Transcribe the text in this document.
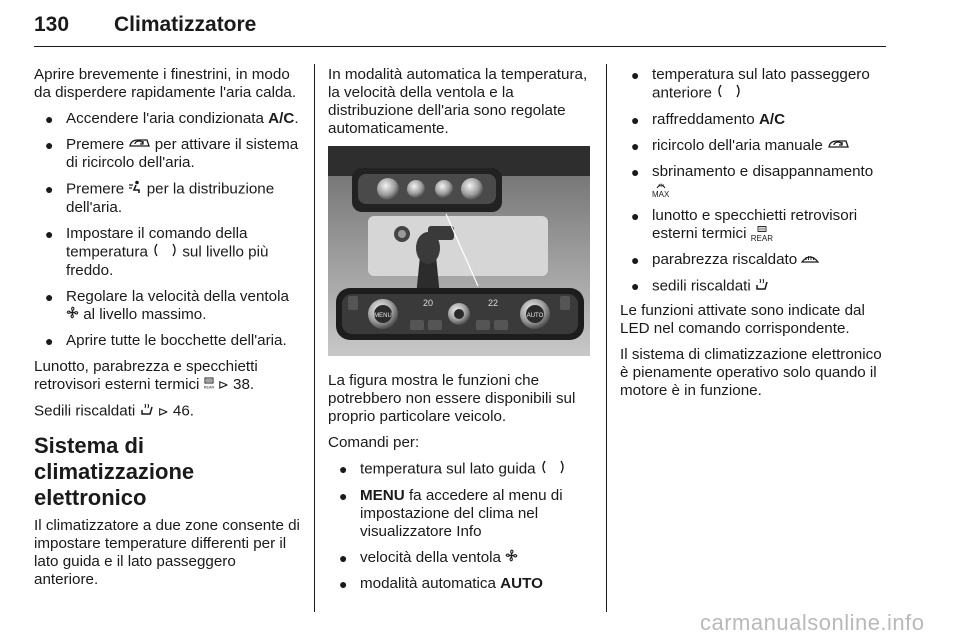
130 Climatizzatore

Aprire brevemente i finestrini, in modo da disperdere rapidamente l'aria calda.

● Accendere l'aria condizionata A/C.
● Premere  per attivare il sistema di ricircolo dell'aria.
● Premere  per la distribuzione dell'aria.
● Impostare il comando della temperatura  sul livello più freddo.
● Regolare la velocità della ventola  al livello massimo.
● Aprire tutte le bocchette dell'aria.

Lunotto, parabrezza e specchietti retrovisori esterni termici REAR ⊳ 38.

Sedili riscaldati  ⊳ 46.

Sistema di climatizzazione elettronico

Il climatizzatore a due zone consente di impostare temperature differenti per il lato guida e il lato passeggero anteriore.

In modalità automatica la temperatura, la velocità della ventola e la distribuzione dell'aria sono regolate automaticamente.

MENU	AUTO
20	22

La figura mostra le funzioni che potrebbero non essere disponibili sul proprio particolare veicolo.

Comandi per:

● temperatura sul lato guida
● MENU fa accedere al menu di impostazione del clima nel visualizzatore Info
● velocità della ventola
● modalità automatica AUTO
● temperatura sul lato passeggero anteriore
● raffreddamento A/C
● ricircolo dell'aria manuale
● sbrinamento e disappannamento

MAX
● lunotto e specchietti retrovisori esterni termici
REAR
● parabrezza riscaldato
● sedili riscaldati

Le funzioni attivate sono indicate dal LED nel comando corrispondente.

Il sistema di climatizzazione elettronico è pienamente operativo solo quando il motore è in funzione.

carmanualsonline.info
